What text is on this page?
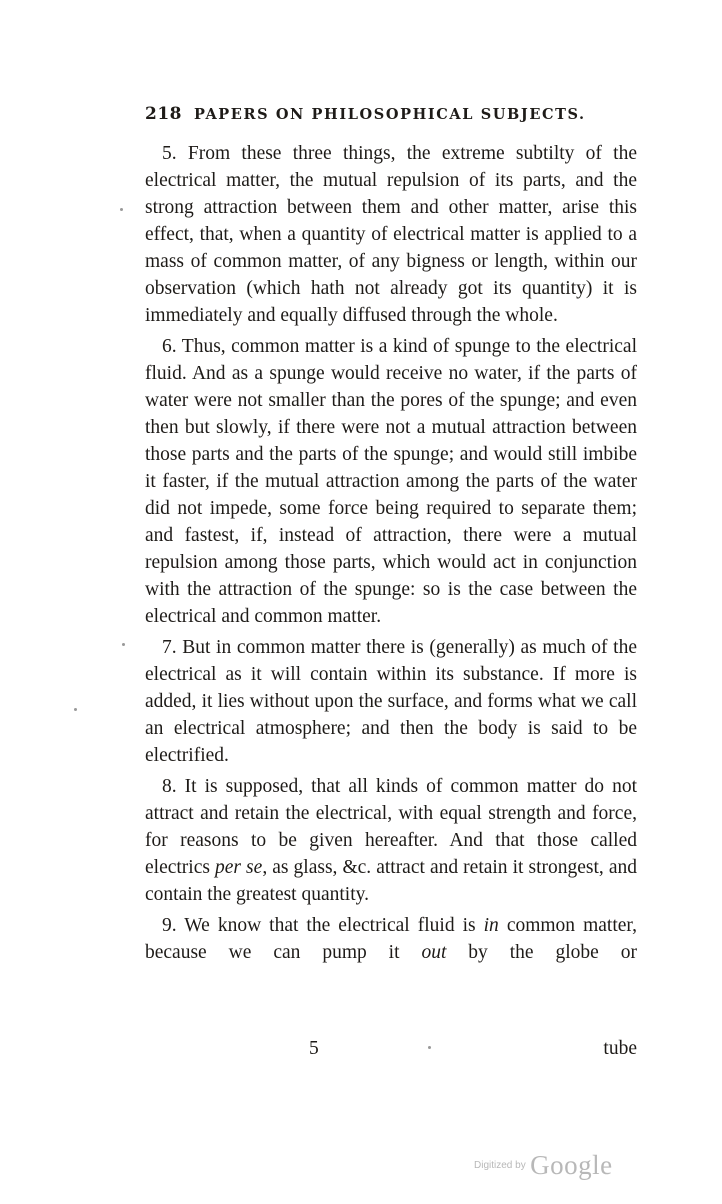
218 PAPERS ON PHILOSOPHICAL SUBJECTS.

5. From these three things, the extreme subtilty of the electrical matter, the mutual repulsion of its parts, and the strong attraction between them and other matter, arise this effect, that, when a quantity of electrical matter is applied to a mass of common matter, of any bigness or length, within our observation (which hath not already got its quantity) it is immediately and equally diffused through the whole.

6. Thus, common matter is a kind of spunge to the electrical fluid. And as a spunge would receive no water, if the parts of water were not smaller than the pores of the spunge; and even then but slowly, if there were not a mutual attraction between those parts and the parts of the spunge; and would still imbibe it faster, if the mutual attraction among the parts of the water did not impede, some force being required to separate them; and fastest, if, instead of attraction, there were a mutual repulsion among those parts, which would act in conjunction with the attraction of the spunge: so is the case between the electrical and common matter.

7. But in common matter there is (generally) as much of the electrical as it will contain within its substance. If more is added, it lies without upon the surface, and forms what we call an electrical atmosphere; and then the body is said to be electrified.

8. It is supposed, that all kinds of common matter do not attract and retain the electrical, with equal strength and force, for reasons to be given hereafter. And that those called electrics per se, as glass, &c. attract and retain it strongest, and contain the greatest quantity.

9. We know that the electrical fluid is in common matter, because we can pump it out by the globe or

5	tube
Digitized by Google
